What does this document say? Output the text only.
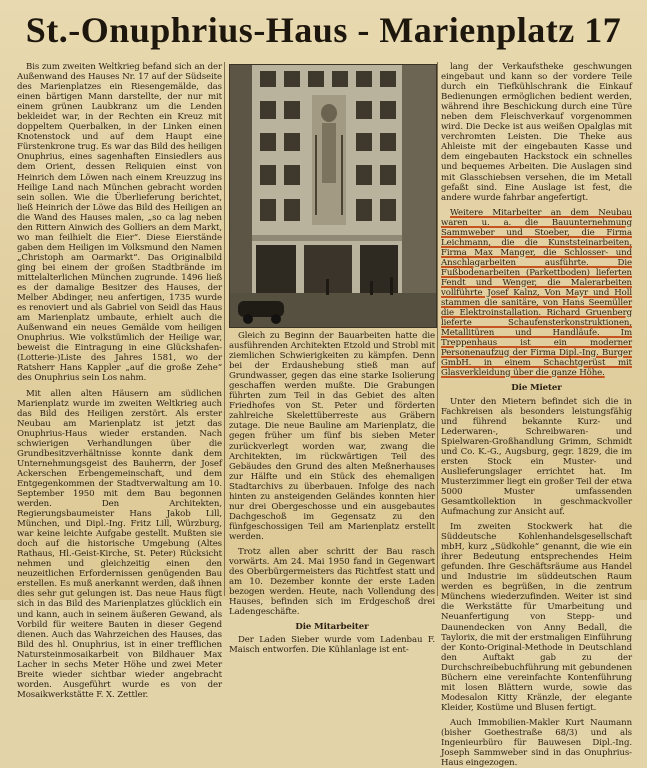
St.-Onuphrius-Haus - Marienplatz 17

Bis zum zweiten Weltkrieg befand sich an der Außenwand des Hauses Nr. 17 auf der Südseite des Marienplatzes ein Riesengemälde, das einen bärtigen Mann darstellte, der nur mit einem grünen Laubkranz um die Lenden bekleidet war, in der Rechten ein Kreuz mit doppeltem Querbalken, in der Linken einen Knotenstock und auf dem Haupt eine Fürstenkrone trug. Es war das Bild des heiligen Onuphrius, eines sagenhaften Einsiedlers aus dem Orient, dessen Reliquien einst von Heinrich dem Löwen nach einem Kreuzzug ins Heilige Land nach München gebracht worden sein sollen. Wie die Überlieferung berichtet, ließ Heinrich der Löwe das Bild des Heiligen an die Wand des Hauses malen, „so ca lag neben den Rittern Ainwich des Golliers an dem Markt, wo man feilhielt die Eier“. Diese Eierstände gaben dem Heiligen im Volksmund den Namen „Christoph am Oarmarkt“. Das Originalbild ging bei einem der großen Stadtbrände im mittelalterlichen München zugrunde. 1496 ließ es der damalige Besitzer des Hauses, der Melber Abdinger, neu anfertigen, 1735 wurde es renoviert und als Gabriel von Seidl das Haus am Marienplatz umbaute, erhielt auch die Außenwand ein neues Gemälde vom heiligen Onuphrius. Wie volkstümlich der Heilige war, beweist die Eintragung in eine Glückshafen-(Lotterie-)Liste des Jahres 1581, wo der Ratsherr Hans Kappler „auf die große Zehe“ des Onuphrius sein Los nahm.

Mit allen alten Häusern am südlichen Marienplatz wurde im zweiten Weltkrieg auch das Bild des Heiligen zerstört. Als erster Neubau am Marienplatz ist jetzt das Onuphrius-Haus wieder erstanden. Nach schwierigen Verhandlungen über die Grundbesitzverhältnisse konnte dank dem Unternehmungsgeist des Bauherrn, der Josef Ackerschen Erbengemeinschaft, und dem Entgegenkommen der Stadtverwaltung am 10. September 1950 mit dem Bau begonnen werden. Den Architekten, Regierungsbaumeister Hans Jakob Lill, München, und Dipl.-Ing. Fritz Lill, Würzburg, war keine leichte Aufgabe gestellt. Mußten sie doch auf die historische Umgebung (Altes Rathaus, Hl.-Geist-Kirche, St. Peter) Rücksicht nehmen und gleichzeitig einen den neuzeitlichen Erfordernissen genügenden Bau erstellen. Es muß anerkannt werden, daß ihnen dies sehr gut gelungen ist. Das neue Haus fügt sich in das Bild des Marienplatzes glücklich ein und kann, auch in seinem äußeren Gewand, als Vorbild für weitere Bauten in dieser Gegend dienen. Auch das Wahrzeichen des Hauses, das Bild des hl. Onuphrius, ist in einer trefflichen Natursteinmosaikarbeit von Bildhauer Max Lacher in sechs Meter Höhe und zwei Meter Breite wieder sichtbar wieder angebracht worden. Ausgeführt wurde es von der Mosaikwerkstätte F. X. Zettler.

Gleich zu Beginn der Bauarbeiten hatte die ausführenden Architekten Etzold und Strobl mit ziemlichen Schwierigkeiten zu kämpfen. Denn bei der Erdaushebung stieß man auf Grundwasser, gegen das eine starke Isolierung geschaffen werden mußte. Die Grabungen führten zum Teil in das Gebiet des alten Friedhofes von St. Peter und förderten zahlreiche Skelettüberreste aus Gräbern zutage. Die neue Bauline am Marienplatz, die gegen früher um fünf bis sieben Meter zurückverlegt worden war, zwang die Architekten, im rückwärtigen Teil des Gebäudes den Grund des alten Meßnerhauses zur Hälfte und ein Stück des ehemaligen Stadtarchivs zu überbauen. Infolge des nach hinten zu ansteigenden Geländes konnten hier nur drei Obergeschosse und ein ausgebautes Dachgeschoß im Gegensatz zu den fünfgeschossigen Teil am Marienplatz erstellt werden.

Trotz allen aber schritt der Bau rasch vorwärts. Am 24. Mai 1950 fand in Gegenwart des Oberbürgermeisters das Richtfest statt und am 10. Dezember konnte der erste Laden bezogen werden. Heute, nach Vollendung des Hauses, befinden sich im Erdgeschoß drei Ladengeschäfte.

Die Mitarbeiter

Der Laden Sieber wurde vom Ladenbau F. Maisch entworfen. Die Kühlanlage ist ent-

lang der Verkaufstheke geschwungen eingebaut und kann so der vordere Teile durch ein Tiefkühlschrank die Einkauf Bedienungen ermöglichen bedient werden, während ihre Beschickung durch eine Türe neben dem Fleischverkauf vorgenommen wird. Die Decke ist aus weißen Opalglas mit verchromten Leisten. Die Theke aus Ahleiste mit der eingebauten Kasse und dem eingebauten Hackstock ein schnelles und bequemes Arbeiten. Die Auslagen sind mit Glasschiebsen versehen, die im Metall gefaßt sind. Eine Auslage ist fest, die andere wurde fahrbar angefertigt.

Weitere Mitarbeiter an dem Neubau waren u. a. die Bauunternehmung Sammweber und Stoeber, die Firma Leichmann, die die Kunststeinarbeiten, Firma Max Manger, die Schlosser- und Anschlagarbeiten ausführte. Die Fußbodenarbeiten (Parkettboden) lieferten Fendt und Wenger, die Malerarbeiten vollführte Josef Kalnz, Von Mayr und Holl stammen die sanitäre, von Hans Seemüller die Elektroinstallation. Richard Gruenberg lieferte Schaufensterkonstruktionen, Metallitüren und Handläufe. Im Treppenhaus ist ein moderner Personenaufzug der Firma Dipl.-Ing. Burger GmbH. in einem Schachtgerüst mit Glasverkleidung über die ganze Höhe.

Die Mieter

Unter den Mietern befindet sich die in Fachkreisen als besonders leistungsfähig und führend bekannte Kurz- und Lederwaren-, Schreibwaren- und Spielwaren-Großhandlung Grimm, Schmidt und Co. K.-G., Augsburg, gegr. 1829, die im ersten Stock ein Muster- und Auslieferungslager errichtet hat. Im Musterzimmer liegt ein großer Teil der etwa 5000 Muster umfassenden Gesamtkollektion in geschmackvoller Aufmachung zur Ansicht auf.

Im zweiten Stockwerk hat die Süddeutsche Kohlenhandelsgesellschaft mbH, kurz „Südkohle“ genannt, die wie ein ihrer Bedeutung entsprechendes Heim gefunden. Ihre Geschäftsräume aus Handel und Industrie im süddeutschen Raum werden es begrüßen, in die zentrum Münchens wiederzufinden. Weiter ist sind die Werkstätte für Umarbeitung und Neuanfertigung von Stepp- und Daunendecken von Anny Bedall, die Taylorix, die mit der erstmaligen Einführung der Konto-Original-Methode in Deutschland den Auftakt gab zu der Durchschreibebuchführung mit gebundenen Büchern eine vereinfachte Kontenführung mit losen Blättern wurde, sowie das Modesalon Kitty Kränzle, der elegante Kleider, Kostüme und Blusen fertigt.

Auch Immobilien-Makler Kurt Naumann (bisher Goethestraße 68/3) und als Ingenieurbüro für Bauwesen Dipl.-Ing. Joseph Sammweber sind in das Onuphrius-Haus eingezogen.
